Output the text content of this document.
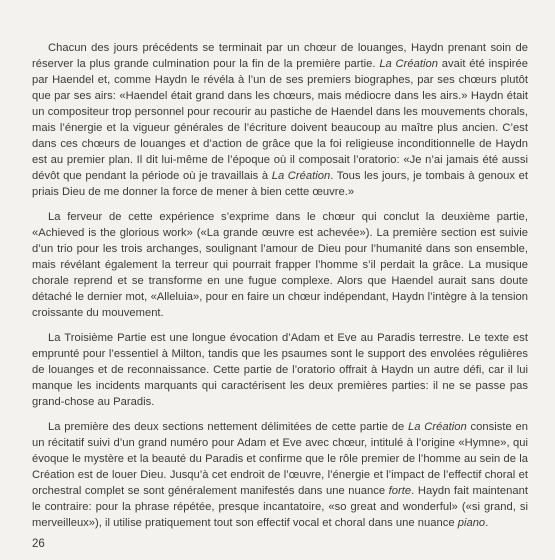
Chacun des jours précédents se terminait par un chœur de louanges, Haydn prenant soin de réserver la plus grande culmination pour la fin de la première partie. La Création avait été inspirée par Haendel et, comme Haydn le révéla à l’un de ses premiers biographes, par ses chœurs plutôt que par ses airs: «Haendel était grand dans les chœurs, mais médiocre dans les airs.» Haydn était un compositeur trop personnel pour recourir au pastiche de Haendel dans les mouvements chorals, mais l’énergie et la vigueur générales de l’écriture doivent beaucoup au maître plus ancien. C’est dans ces chœurs de louanges et d’action de grâce que la foi religieuse inconditionnelle de Haydn est au premier plan. Il dit lui-même de l’époque où il composait l’oratorio: «Je n’ai jamais été aussi dévôt que pendant la période où je travaillais à La Création. Tous les jours, je tombais à genoux et priais Dieu de me donner la force de mener à bien cette œuvre.»

La ferveur de cette expérience s’exprime dans le chœur qui conclut la deuxième partie, «Achieved is the glorious work» («La grande œuvre est achevée»). La première section est suivie d’un trio pour les trois archanges, soulignant l’amour de Dieu pour l’humanité dans son ensemble, mais révélant également la terreur qui pourrait frapper l’homme s’il perdait la grâce. La musique chorale reprend et se transforme en une fugue complexe. Alors que Haendel aurait sans doute détaché le dernier mot, «Alleluia», pour en faire un chœur indépendant, Haydn l’intègre à la tension croissante du mouvement.

La Troisième Partie est une longue évocation d’Adam et Eve au Paradis terrestre. Le texte est emprunté pour l’essentiel à Milton, tandis que les psaumes sont le support des envolées régulières de louanges et de reconnaissance. Cette partie de l’oratorio offrait à Haydn un autre défi, car il lui manque les incidents marquants qui caractérisent les deux premières parties: il ne se passe pas grand-chose au Paradis.

La première des deux sections nettement délimitées de cette partie de La Création consiste en un récitatif suivi d’un grand numéro pour Adam et Eve avec chœur, intitulé à l’origine «Hymne», qui évoque le mystère et la beauté du Paradis et confirme que le rôle premier de l’homme au sein de la Création est de louer Dieu. Jusqu’à cet endroit de l’œuvre, l’énergie et l’impact de l’effectif choral et orchestral complet se sont généralement manifestés dans une nuance forte. Haydn fait maintenant le contraire: pour la phrase répétée, presque incantatoire, «so great and wonderful» («si grand, si merveilleux»), il utilise pratiquement tout son effectif vocal et choral dans une nuance piano.

26
